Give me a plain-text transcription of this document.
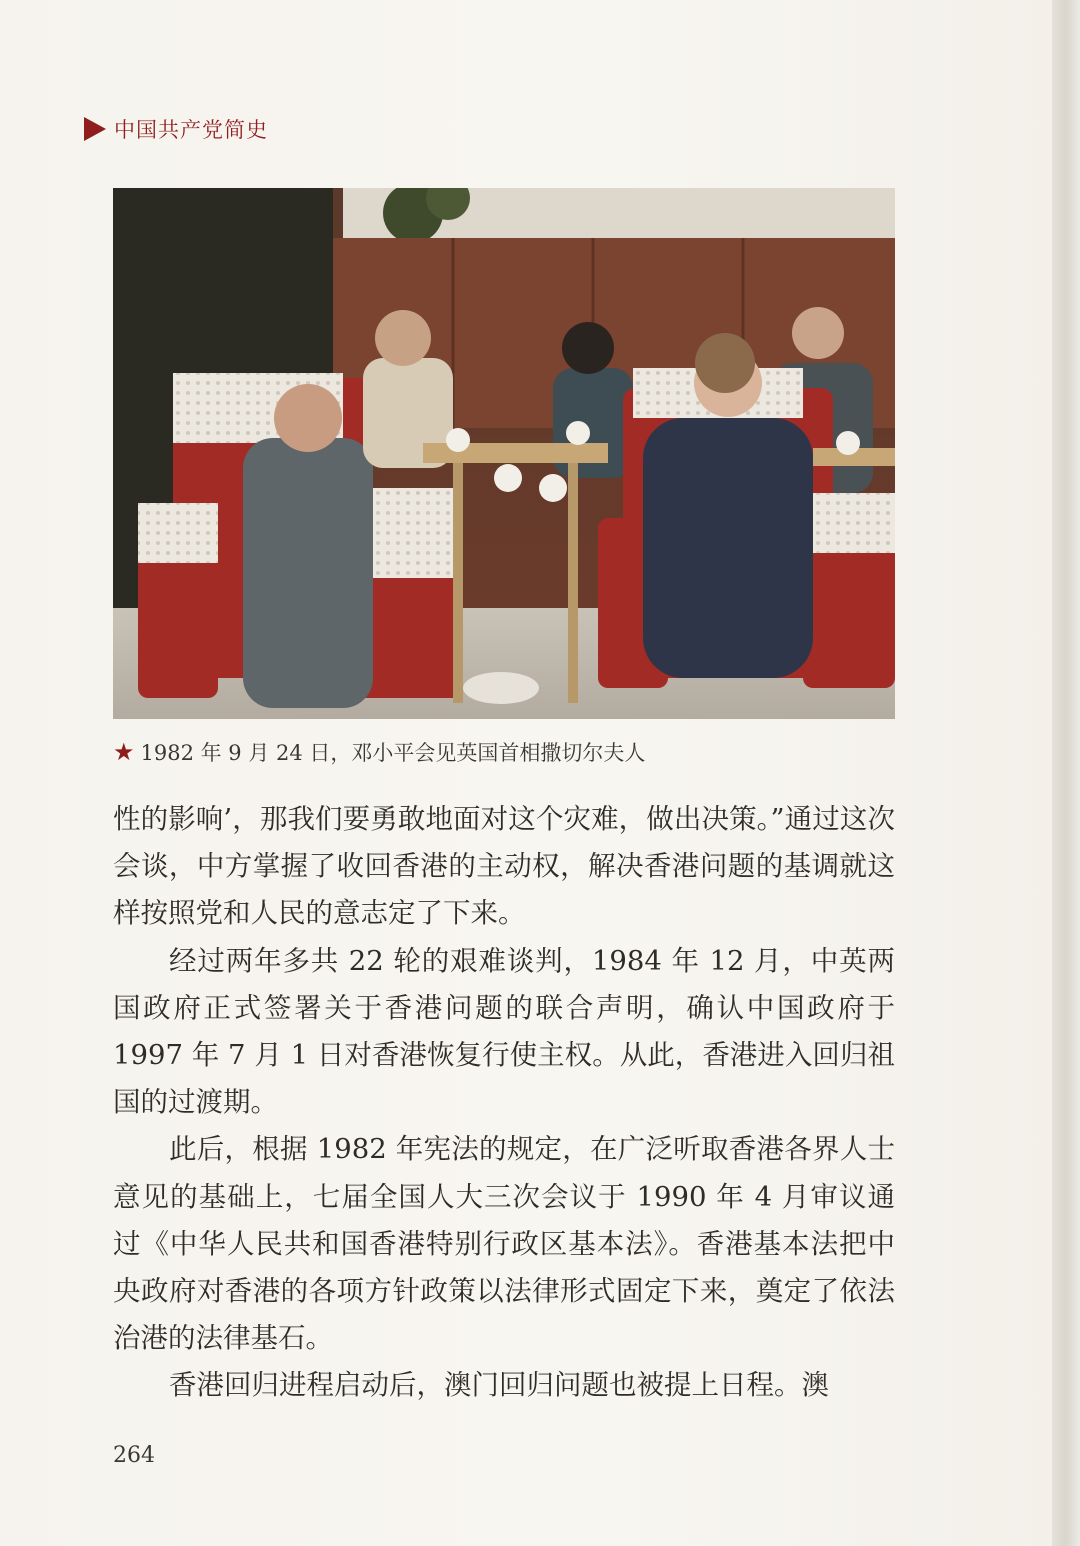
中国共产党简史
★ 1982 年 9 月 24 日，邓小平会见英国首相撒切尔夫人

性的影响’，那我们要勇敢地面对这个灾难，做出决策。”通过这次会谈，中方掌握了收回香港的主动权，解决香港问题的基调就这样按照党和人民的意志定了下来。

经过两年多共 22 轮的艰难谈判，1984 年 12 月，中英两国政府正式签署关于香港问题的联合声明，确认中国政府于 1997 年 7 月 1 日对香港恢复行使主权。从此，香港进入回归祖国的过渡期。

此后，根据 1982 年宪法的规定，在广泛听取香港各界人士意见的基础上，七届全国人大三次会议于 1990 年 4 月审议通过《中华人民共和国香港特别行政区基本法》。香港基本法把中央政府对香港的各项方针政策以法律形式固定下来，奠定了依法治港的法律基石。

香港回归进程启动后，澳门回归问题也被提上日程。澳

264
